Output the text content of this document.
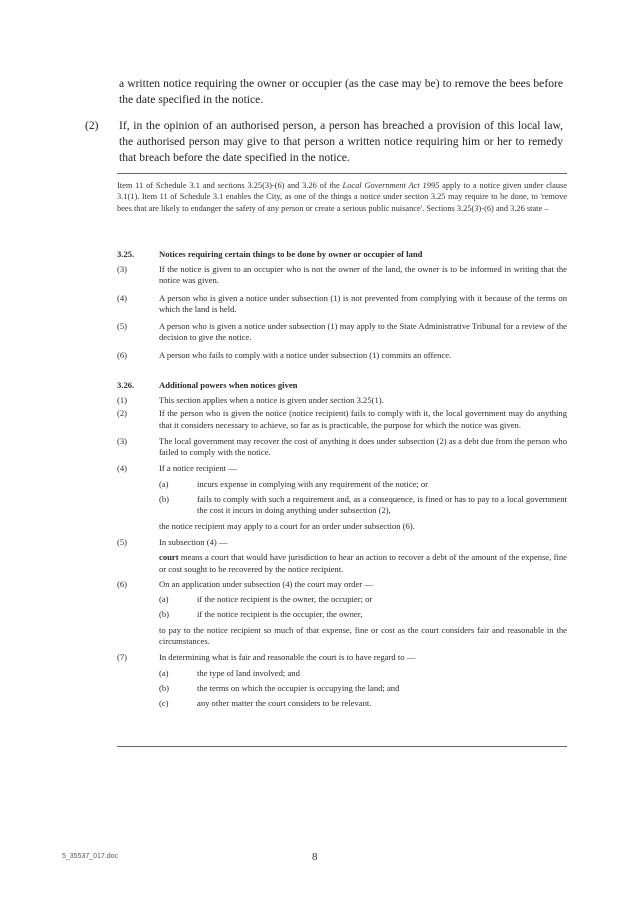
a written notice requiring the owner or occupier (as the case may be) to remove the bees before the date specified in the notice.
(2) If, in the opinion of an authorised person, a person has breached a provision of this local law, the authorised person may give to that person a written notice requiring him or her to remedy that breach before the date specified in the notice.
Item 11 of Schedule 3.1 and sections 3.25(3)-(6) and 3.26 of the Local Government Act 1995 apply to a notice given under clause 3.1(1). Item 11 of Schedule 3.1 enables the City, as one of the things a notice under section 3.25 may require to be done, to 'remove bees that are likely to endanger the safety of any person or create a serious public nuisance'. Sections 3.25(3)-(6) and 3.26 state –
3.25.	Notices requiring certain things to be done by owner or occupier of land
(3)	If the notice is given to an occupier who is not the owner of the land, the owner is to be informed in writing that the notice was given.
(4)	A person who is given a notice under subsection (1) is not prevented from complying with it because of the terms on which the land is held.
(5)	A person who is given a notice under subsection (1) may apply to the State Administrative Tribunal for a review of the decision to give the notice.
(6)	A person who fails to comply with a notice under subsection (1) commits an offence.
3.26.	Additional powers when notices given
(1)	This section applies when a notice is given under section 3.25(1).
(2)	If the person who is given the notice (notice recipient) fails to comply with it, the local government may do anything that it considers necessary to achieve, so far as is practicable, the purpose for which the notice was given.
(3)	The local government may recover the cost of anything it does under subsection (2) as a debt due from the person who failed to comply with the notice.
(4)	If a notice recipient —
(a)	incurs expense in complying with any requirement of the notice; or
(b)	fails to comply with such a requirement and, as a consequence, is fined or has to pay to a local government the cost it incurs in doing anything under subsection (2),
the notice recipient may apply to a court for an order under subsection (6).
(5)	In subsection (4) —
court means a court that would have jurisdiction to hear an action to recover a debt of the amount of the expense, fine or cost sought to be recovered by the notice recipient.
(6)	On an application under subsection (4) the court may order —
(a)	if the notice recipient is the owner, the occupier; or
(b)	if the notice recipient is the occupier, the owner,
to pay to the notice recipient so much of that expense, fine or cost as the court considers fair and reasonable in the circumstances.
(7)	In determining what is fair and reasonable the court is to have regard to —
(a)	the type of land involved; and
(b)	the terms on which the occupier is occupying the land; and
(c)	any other matter the court considers to be relevant.
5_35537_017.doc	8
